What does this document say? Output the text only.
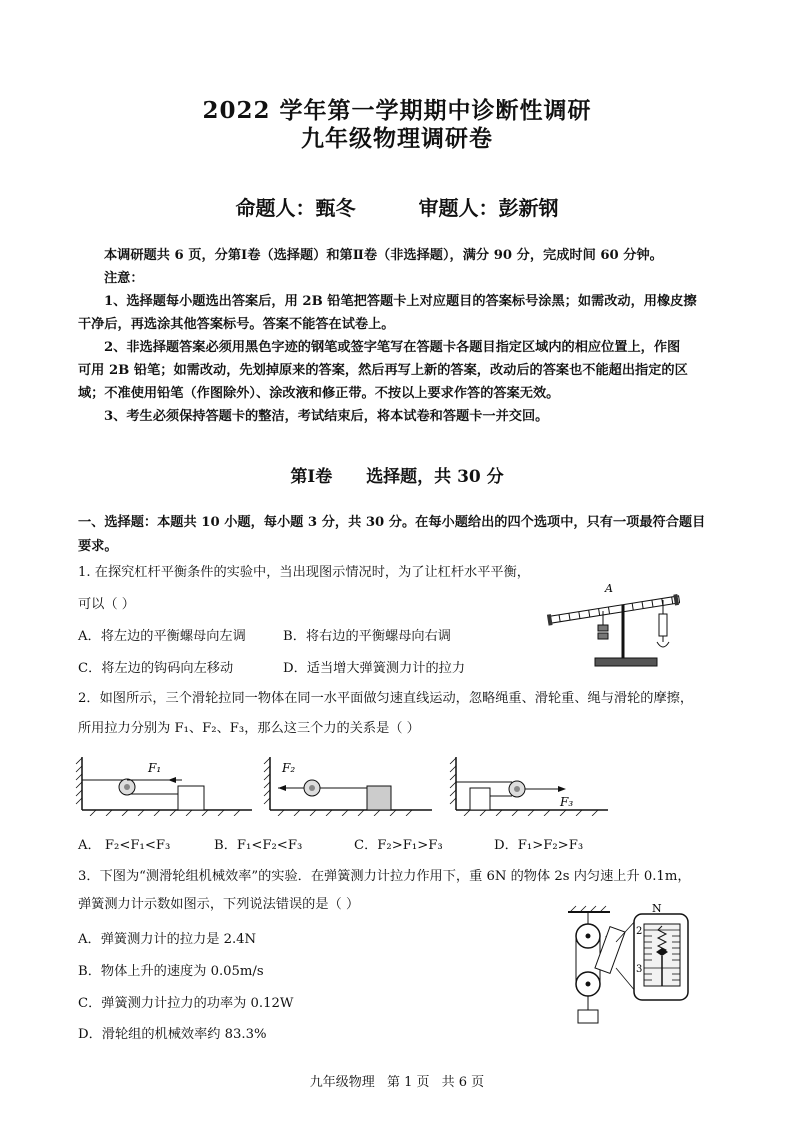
2022 学年第一学期期中诊断性调研
九年级物理调研卷
命题人：甄冬	审题人：彭新钢
本调研题共 6 页，分第Ⅰ卷（选择题）和第Ⅱ卷（非选择题），满分 90 分，完成时间 60 分钟。
注意：
1、选择题每小题选出答案后，用 2B 铅笔把答题卡上对应题目的答案标号涂黑；如需改动，用橡皮擦
干净后，再选涂其他答案标号。答案不能答在试卷上。
2、非选择题答案必须用黑色字迹的钢笔或签字笔写在答题卡各题目指定区域内的相应位置上，作图
可用 2B 铅笔；如需改动，先划掉原来的答案，然后再写上新的答案，改动后的答案也不能超出指定的区
域；不准使用铅笔（作图除外）、涂改液和修正带。不按以上要求作答的答案无效。
3、考生必须保持答题卡的整洁，考试结束后，将本试卷和答题卡一并交回。
第Ⅰ卷 选择题，共 30 分
一、选择题：本题共 10 小题，每小题 3 分，共 30 分。在每小题给出的四个选项中，只有一项最符合题目
要求。
1. 在探究杠杆平衡条件的实验中，当出现图示情况时，为了让杠杆水平平衡，
可以（ ）
A．将左边的平衡螺母向左调	B．将右边的平衡螺母向右调
C．将左边的钩码向左移动	D．适当增大弹簧测力计的拉力
A
2．如图所示，三个滑轮拉同一物体在同一水平面做匀速直线运动，忽略绳重、滑轮重、绳与滑轮的摩擦，
所用拉力分别为 F₁、F₂、F₃，那么这三个力的关系是（ ）
F₁	F₂
F₃
A． F₂<F₁<F₃	B．F₁<F₂<F₃	C．F₂>F₁>F₃	D．F₁>F₂>F₃
3．下图为“测滑轮组机械效率”的实验．在弹簧测力计拉力作用下，重 6N 的物体 2s 内匀速上升 0.1m，
弹簧测力计示数如图示，下列说法错误的是（ ）
A．弹簧测力计的拉力是 2.4N
B．物体上升的速度为 0.05m/s
C．弹簧测力计拉力的功率为 0.12W
D．滑轮组的机械效率约 83.3%
N
2
3
九年级物理 第 1 页 共 6 页
